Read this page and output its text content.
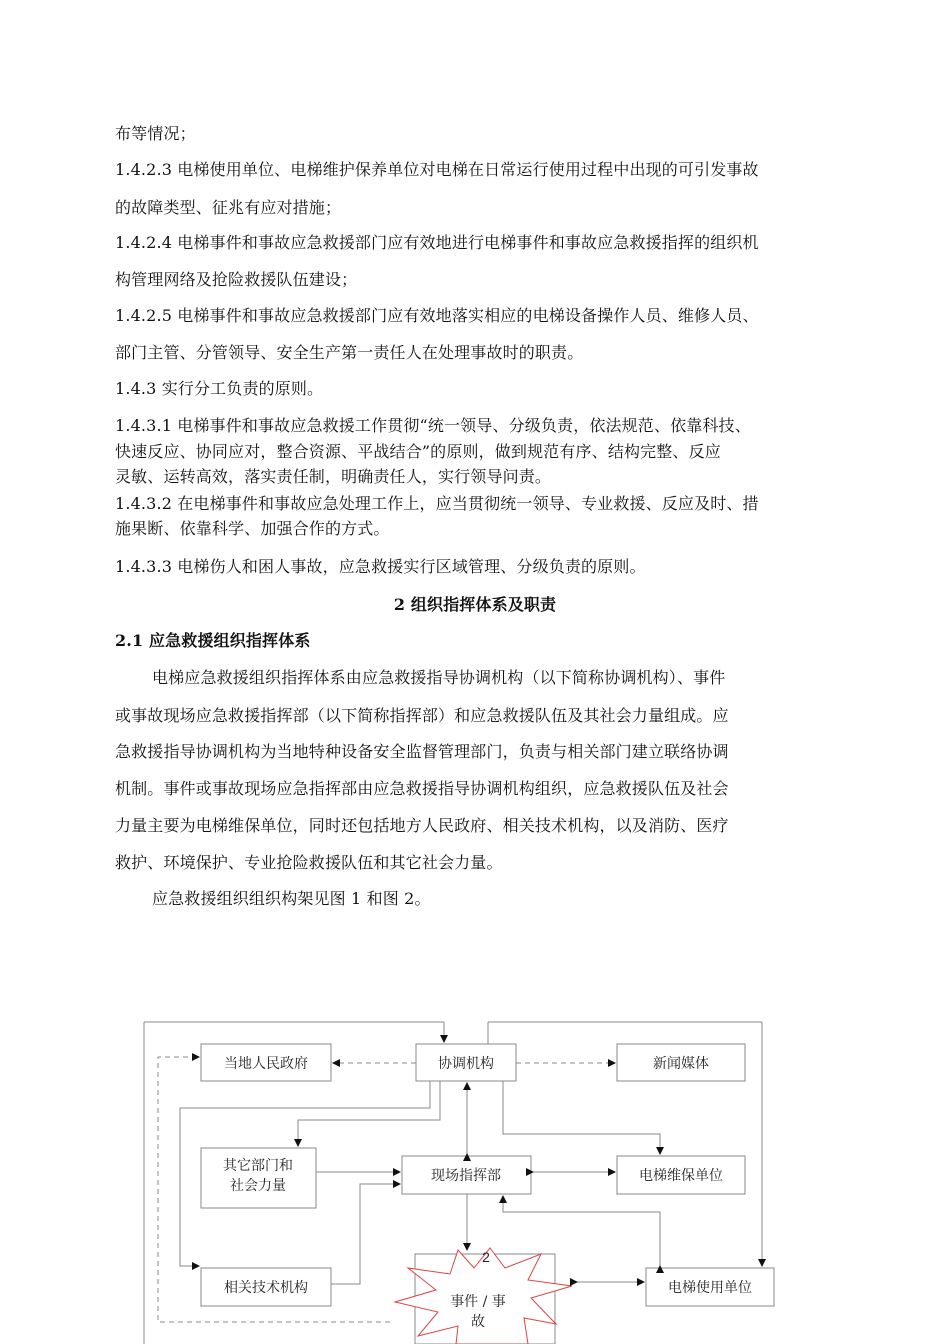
布等情况；
1.4.2.3 电梯使用单位、电梯维护保养单位对电梯在日常运行使用过程中出现的可引发事故
的故障类型、征兆有应对措施；
1.4.2.4 电梯事件和事故应急救援部门应有效地进行电梯事件和事故应急救援指挥的组织机
构管理网络及抢险救援队伍建设；
1.4.2.5 电梯事件和事故应急救援部门应有效地落实相应的电梯设备操作人员、维修人员、
部门主管、分管领导、安全生产第一责任人在处理事故时的职责。
1.4.3 实行分工负责的原则。
1.4.3.1 电梯事件和事故应急救援工作贯彻“统一领导、分级负责，依法规范、依靠科技、
快速反应、协同应对，整合资源、平战结合”的原则，做到规范有序、结构完整、反应
灵敏、运转高效，落实责任制，明确责任人，实行领导问责。
1.4.3.2 在电梯事件和事故应急处理工作上，应当贯彻统一领导、专业救援、反应及时、措
施果断、依靠科学、加强合作的方式。
1.4.3.3 电梯伤人和困人事故，应急救援实行区域管理、分级负责的原则。
2 组织指挥体系及职责
2.1 应急救援组织指挥体系
电梯应急救援组织指挥体系由应急救援指导协调机构（以下简称协调机构）、事件
或事故现场应急救援指挥部（以下简称指挥部）和应急救援队伍及其社会力量组成。应
急救援指导协调机构为当地特种设备安全监督管理部门，负责与相关部门建立联络协调
机制。事件或事故现场应急指挥部由应急救援指导协调机构组织，应急救援队伍及社会
力量主要为电梯维保单位，同时还包括地方人民政府、相关技术机构，以及消防、医疗
救护、环境保护、专业抢险救援队伍和其它社会力量。
应急救援组织组织构架见图 1 和图 2。
协调机构
当地人民政府	新闻媒体
其它部门和
社会力量
现场指挥部	电梯维保单位
相关技术机构	电梯使用单位
事件 / 事
故
2
